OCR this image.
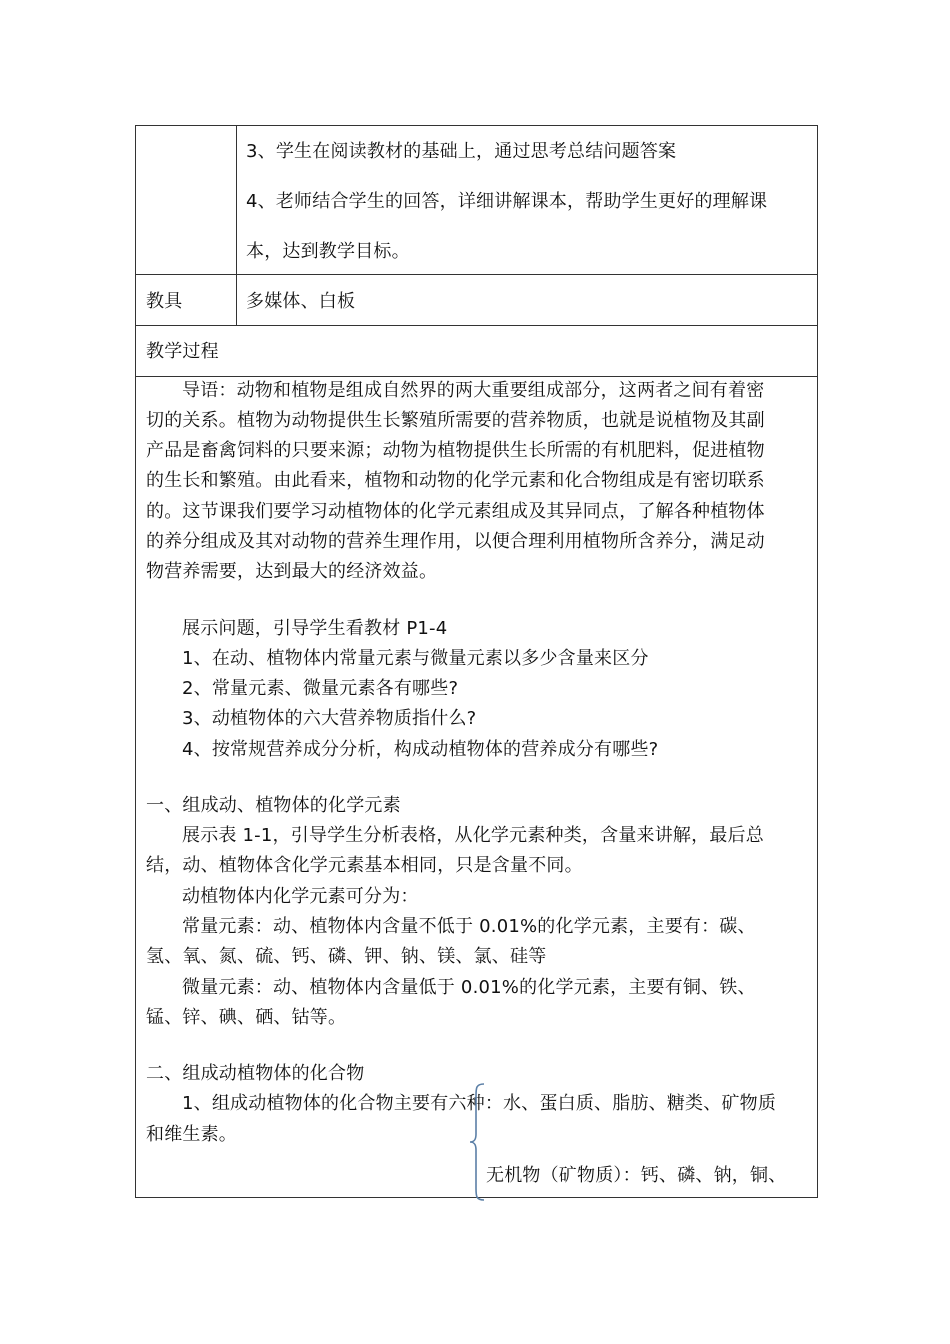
3、学生在阅读教材的基础上，通过思考总结问题答案
4、老师结合学生的回答，详细讲解课本，帮助学生更好的理解课
本，达到教学目标。
教具	多媒体、白板
教学过程
导语：动物和植物是组成自然界的两大重要组成部分，这两者之间有着密
切的关系。植物为动物提供生长繁殖所需要的营养物质，也就是说植物及其副
产品是畜禽饲料的只要来源；动物为植物提供生长所需的有机肥料，促进植物
的生长和繁殖。由此看来，植物和动物的化学元素和化合物组成是有密切联系
的。这节课我们要学习动植物体的化学元素组成及其异同点，了解各种植物体
的养分组成及其对动物的营养生理作用，以便合理利用植物所含养分，满足动
物营养需要，达到最大的经济效益。
展示问题，引导学生看教材 P1-4
1、在动、植物体内常量元素与微量元素以多少含量来区分
2、常量元素、微量元素各有哪些?
3、动植物体的六大营养物质指什么?
4、按常规营养成分分析，构成动植物体的营养成分有哪些?
一、组成动、植物体的化学元素
展示表 1-1，引导学生分析表格，从化学元素种类，含量来讲解，最后总
结，动、植物体含化学元素基本相同，只是含量不同。
动植物体内化学元素可分为：
常量元素：动、植物体内含量不低于 0.01%的化学元素，主要有：碳、
氢、氧、氮、硫、钙、磷、钾、钠、镁、氯、硅等
微量元素：动、植物体内含量低于 0.01%的化学元素，主要有铜、铁、
锰、锌、碘、硒、钴等。
二、组成动植物体的化合物
1、组成动植物体的化合物主要有六种：水、蛋白质、脂肪、糖类、矿物质
和维生素。
无机物（矿物质）：钙、磷、钠，铜、
